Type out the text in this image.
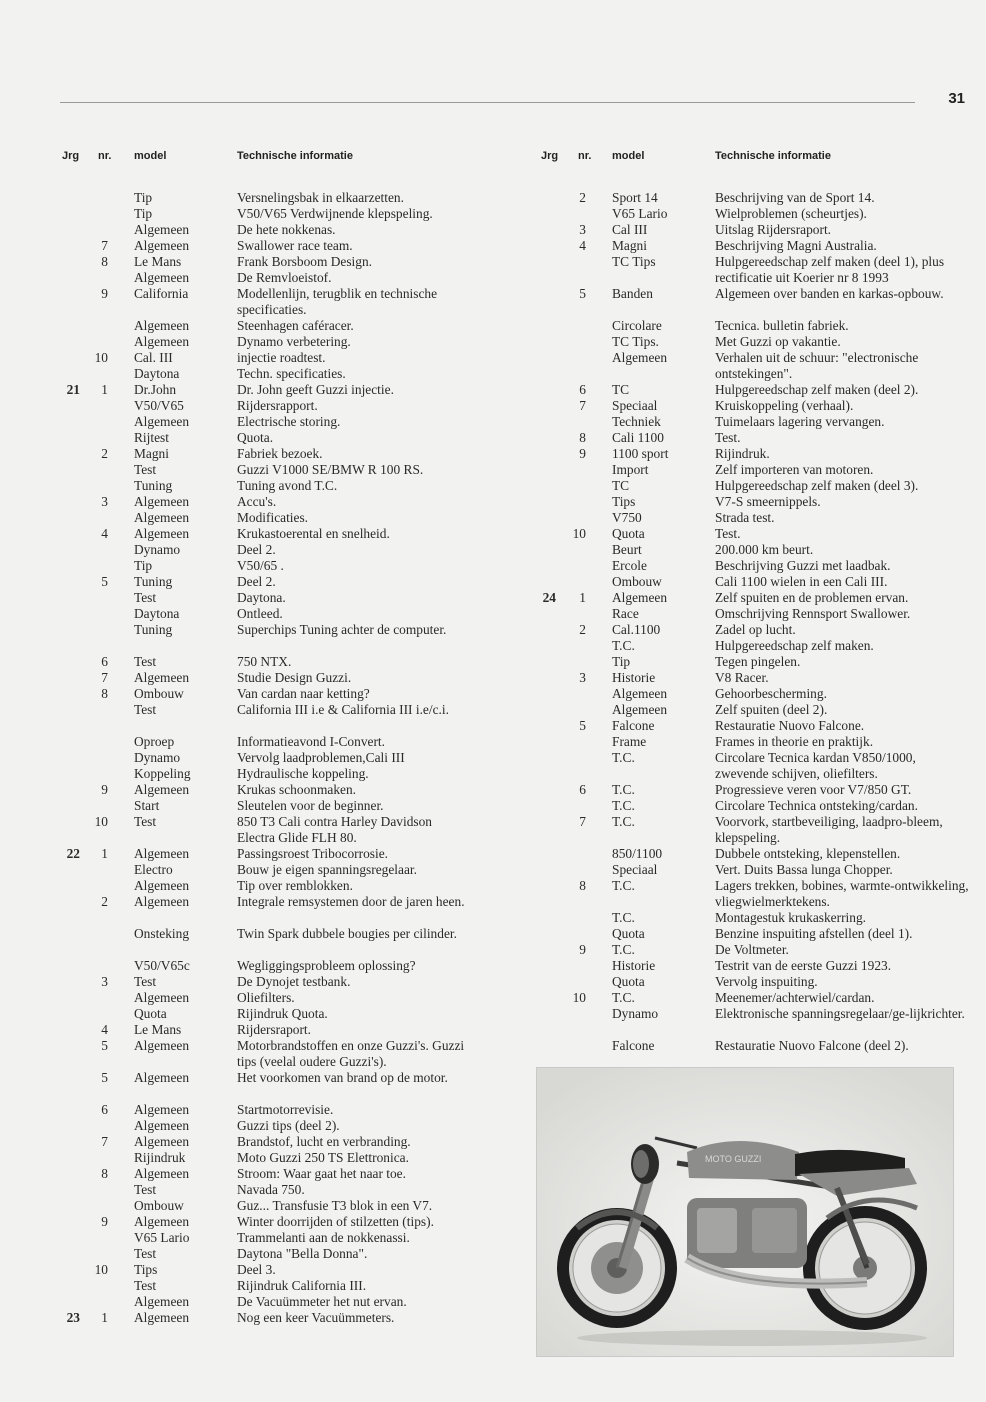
31
Jrg nr. model	Technische informatie
Tip	Versnelingsbak in elkaarzetten.
Tip	V50/V65 Verdwijnende klepspeling.
Algemeen	De hete nokkenas.
7 Algemeen	Swallower race team.
8 Le Mans	Frank Borsboom Design.
Algemeen	De Remvloeistof.
9 California	Modellenlijn, terugblik en technische specificaties.
Algemeen	Steenhagen caféracer.
Algemeen	Dynamo verbetering.
10 Cal. III	injectie roadtest.
Daytona	Techn. specificaties.
21	1 Dr.John	Dr. John geeft Guzzi injectie.
V50/V65	Rijdersrapport.
Algemeen	Electrische storing.
Rijtest	Quota.
2 Magni	Fabriek bezoek.
Test	Guzzi V1000 SE/BMW R 100 RS.
Tuning	Tuning avond T.C.
3 Algemeen	Accu's.
Algemeen	Modificaties.
4 Algemeen	Krukastoerental en snelheid.
Dynamo	Deel 2.
Tip	V50/65 .
5 Tuning	Deel 2.
Test	Daytona.
Daytona	Ontleed.
Tuning	Superchips Tuning achter de computer.
6 Test	750 NTX.
7 Algemeen	Studie Design Guzzi.
8 Ombouw	Van cardan naar ketting?
Test	California III i.e & California III i.e/c.i.
Oproep	Informatieavond I-Convert.
Dynamo	Vervolg laadproblemen,Cali III
Koppeling	Hydraulische koppeling.
9 Algemeen	Krukas schoonmaken.
Start	Sleutelen voor de beginner.
10 Test	850 T3 Cali contra Harley Davidson Electra Glide FLH 80.
22	1 Algemeen	Passingsroest Tribocorrosie.
Electro	Bouw je eigen spanningsregelaar.
Algemeen	Tip over remblokken.
2 Algemeen	Integrale remsystemen door de jaren heen.
Onsteking	Twin Spark dubbele bougies per cilinder.
V50/V65c	Wegliggingsprobleem oplossing?
3 Test	De Dynojet testbank.
Algemeen	Oliefilters.
Quota	Rijindruk Quota.
4 Le Mans	Rijdersraport.
5 Algemeen	Motorbrandstoffen en onze Guzzi's. Guzzi tips (veelal oudere Guzzi's).
5 Algemeen	Het voorkomen van brand op de motor.
6 Algemeen	Startmotorrevisie.
Algemeen	Guzzi tips (deel 2).
7 Algemeen	Brandstof, lucht en verbranding.
Rijindruk	Moto Guzzi 250 TS Elettronica.
8 Algemeen	Stroom: Waar gaat het naar toe.
Test	Navada 750.
Ombouw	Guz... Transfusie T3 blok in een V7.
9 Algemeen	Winter doorrijden of stilzetten (tips).
V65 Lario	Trammelanti aan de nokkenassi.
Test	Daytona "Bella Donna".
10 Tips	Deel 3.
Test	Rijindruk California III.
Algemeen	De Vacuümmeter het nut ervan.
23	1 Algemeen	Nog een keer Vacuümmeters.
Jrg nr. model	Technische informatie
2 Sport 14	Beschrijving van de Sport 14.
V65 Lario	Wielproblemen (scheurtjes).
3 Cal III	Uitslag Rijdersraport.
4 Magni	Beschrijving Magni Australia.
TC Tips	Hulpgereedschap zelf maken (deel 1), plus rectificatie uit Koerier nr 8 1993
5 Banden	Algemeen over banden en karkas-opbouw.
Circolare	Tecnica. bulletin fabriek.
TC Tips.	Met Guzzi op vakantie.
Algemeen	Verhalen uit de schuur: "electronische ontstekingen".
6 TC	Hulpgereedschap zelf maken (deel 2).
7 Speciaal	Kruiskoppeling (verhaal).
Techniek	Tuimelaars lagering vervangen.
8 Cali 1100	Test.
9 1100 sport	Rijindruk.
Import	Zelf importeren van motoren.
TC	Hulpgereedschap zelf maken (deel 3).
Tips	V7-S smeernippels.
V750	Strada test.
10 Quota	Test.
Beurt	200.000 km beurt.
Ercole	Beschrijving Guzzi met laadbak.
Ombouw	Cali 1100 wielen in een Cali III.
24	1 Algemeen	Zelf spuiten en de problemen ervan.
Race	Omschrijving Rennsport Swallower.
2 Cal.1100	Zadel op lucht.
T.C.	Hulpgereedschap zelf maken.
Tip	Tegen pingelen.
3 Historie	V8 Racer.
Algemeen	Gehoorbescherming.
Algemeen	Zelf spuiten (deel 2).
5 Falcone	Restauratie Nuovo Falcone.
Frame	Frames in theorie en praktijk.
T.C.	Circolare Tecnica kardan V850/1000, zwevende schijven, oliefilters.
6 T.C.	Progressieve veren voor V7/850 GT.
T.C.	Circolare Technica ontsteking/cardan.
7 T.C.	Voorvork, startbeveiliging, laadpro-bleem, klepspeling.
850/1100	Dubbele ontsteking, klepenstellen.
Speciaal	Vert. Duits Bassa lunga Chopper.
8 T.C.	Lagers trekken, bobines, warmte-ontwikkeling, vliegwielmerktekens.
T.C.	Montagestuk krukaskerring.
Quota	Benzine inspuiting afstellen (deel 1).
9 T.C.	De Voltmeter.
Historie	Testrit van de eerste Guzzi 1923.
Quota	Vervolg inspuiting.
10 T.C.	Meenemer/achterwiel/cardan.
Dynamo	Elektronische spanningsregelaar/ge-lijkrichter.
Falcone	Restauratie Nuovo Falcone (deel 2).
MOTO GUZZI
